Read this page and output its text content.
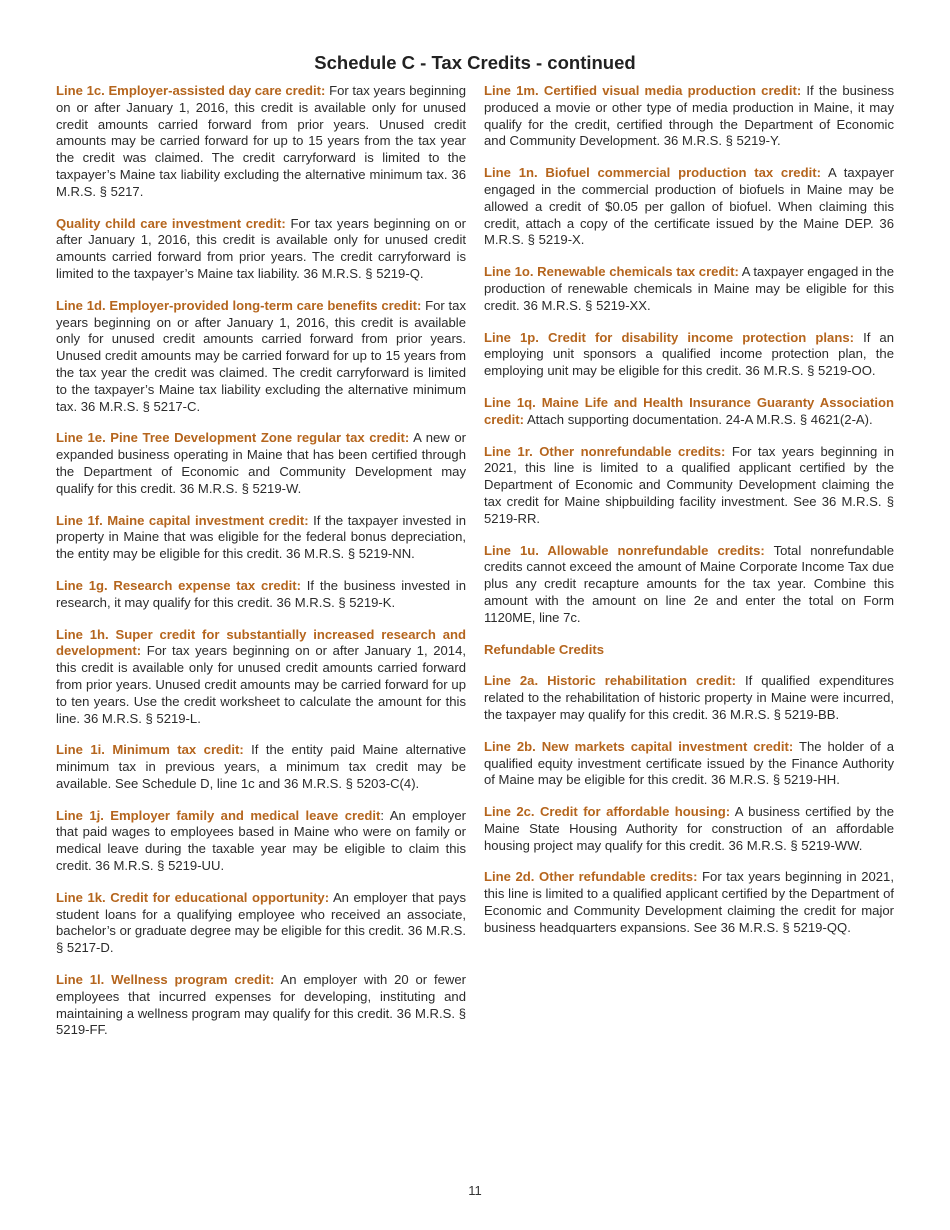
Schedule C - Tax Credits - continued

Line 1c. Employer-assisted day care credit: For tax years beginning on or after January 1, 2016, this credit is available only for unused credit amounts carried forward from prior years. Unused credit amounts may be carried forward for up to 15 years from the tax year the credit was claimed. The credit carryforward is limited to the taxpayer’s Maine tax liability excluding the alternative minimum tax. 36 M.R.S. § 5217.

Quality child care investment credit: For tax years beginning on or after January 1, 2016, this credit is available only for unused credit amounts carried forward from prior years. The credit carryforward is limited to the taxpayer’s Maine tax liability. 36 M.R.S. § 5219-Q.

Line 1d. Employer-provided long-term care benefits credit: For tax years beginning on or after January 1, 2016, this credit is available only for unused credit amounts carried forward from prior years. Unused credit amounts may be carried forward for up to 15 years from the tax year the credit was claimed. The credit carryforward is limited to the taxpayer’s Maine tax liability excluding the alternative minimum tax. 36 M.R.S. § 5217-C.

Line 1e. Pine Tree Development Zone regular tax credit: A new or expanded business operating in Maine that has been certified through the Department of Economic and Community Development may qualify for this credit. 36 M.R.S. § 5219-W.

Line 1f. Maine capital investment credit: If the taxpayer invested in property in Maine that was eligible for the federal bonus depreciation, the entity may be eligible for this credit. 36 M.R.S. § 5219-NN.

Line 1g. Research expense tax credit: If the business invested in research, it may qualify for this credit. 36 M.R.S. § 5219-K.

Line 1h. Super credit for substantially increased research and development: For tax years beginning on or after January 1, 2014, this credit is available only for unused credit amounts carried forward from prior years. Unused credit amounts may be carried forward for up to ten years. Use the credit worksheet to calculate the amount for this line. 36 M.R.S. § 5219-L.

Line 1i. Minimum tax credit: If the entity paid Maine alternative minimum tax in previous years, a minimum tax credit may be available. See Schedule D, line 1c and 36 M.R.S. § 5203-C(4).

Line 1j. Employer family and medical leave credit: An employer that paid wages to employees based in Maine who were on family or medical leave during the taxable year may be eligible to claim this credit. 36 M.R.S. § 5219-UU.

Line 1k. Credit for educational opportunity: An employer that pays student loans for a qualifying employee who received an associate, bachelor’s or graduate degree may be eligible for this credit. 36 M.R.S. § 5217-D.

Line 1l. Wellness program credit: An employer with 20 or fewer employees that incurred expenses for developing, instituting and maintaining a wellness program may qualify for this credit. 36 M.R.S. § 5219-FF.

Line 1m. Certified visual media production credit: If the business produced a movie or other type of media production in Maine, it may qualify for the credit, certified through the Department of Economic and Community Development. 36 M.R.S. § 5219-Y.

Line 1n. Biofuel commercial production tax credit: A taxpayer engaged in the commercial production of biofuels in Maine may be allowed a credit of $0.05 per gallon of biofuel. When claiming this credit, attach a copy of the certificate issued by the Maine DEP. 36 M.R.S. § 5219-X.

Line 1o. Renewable chemicals tax credit: A taxpayer engaged in the production of renewable chemicals in Maine may be eligible for this credit. 36 M.R.S. § 5219-XX.

Line 1p. Credit for disability income protection plans: If an employing unit sponsors a qualified income protection plan, the employing unit may be eligible for this credit. 36 M.R.S. § 5219-OO.

Line 1q. Maine Life and Health Insurance Guaranty Association credit: Attach supporting documentation. 24-A M.R.S. § 4621(2-A).

Line 1r. Other nonrefundable credits: For tax years beginning in 2021, this line is limited to a qualified applicant certified by the Department of Economic and Community Development claiming the tax credit for Maine shipbuilding facility investment. See 36 M.R.S. § 5219-RR.

Line 1u. Allowable nonrefundable credits: Total nonrefundable credits cannot exceed the amount of Maine Corporate Income Tax due plus any credit recapture amounts for the tax year. Combine this amount with the amount on line 2e and enter the total on Form 1120ME, line 7c.

Refundable Credits

Line 2a. Historic rehabilitation credit: If qualified expenditures related to the rehabilitation of historic property in Maine were incurred, the taxpayer may qualify for this credit. 36 M.R.S. § 5219-BB.

Line 2b. New markets capital investment credit: The holder of a qualified equity investment certificate issued by the Finance Authority of Maine may be eligible for this credit. 36 M.R.S. § 5219-HH.

Line 2c. Credit for affordable housing: A business certified by the Maine State Housing Authority for construction of an affordable housing project may qualify for this credit. 36 M.R.S. § 5219-WW.

Line 2d. Other refundable credits: For tax years beginning in 2021, this line is limited to a qualified applicant certified by the Department of Economic and Community Development claiming the credit for major business headquarters expansions. See 36 M.R.S. § 5219-QQ.

11
